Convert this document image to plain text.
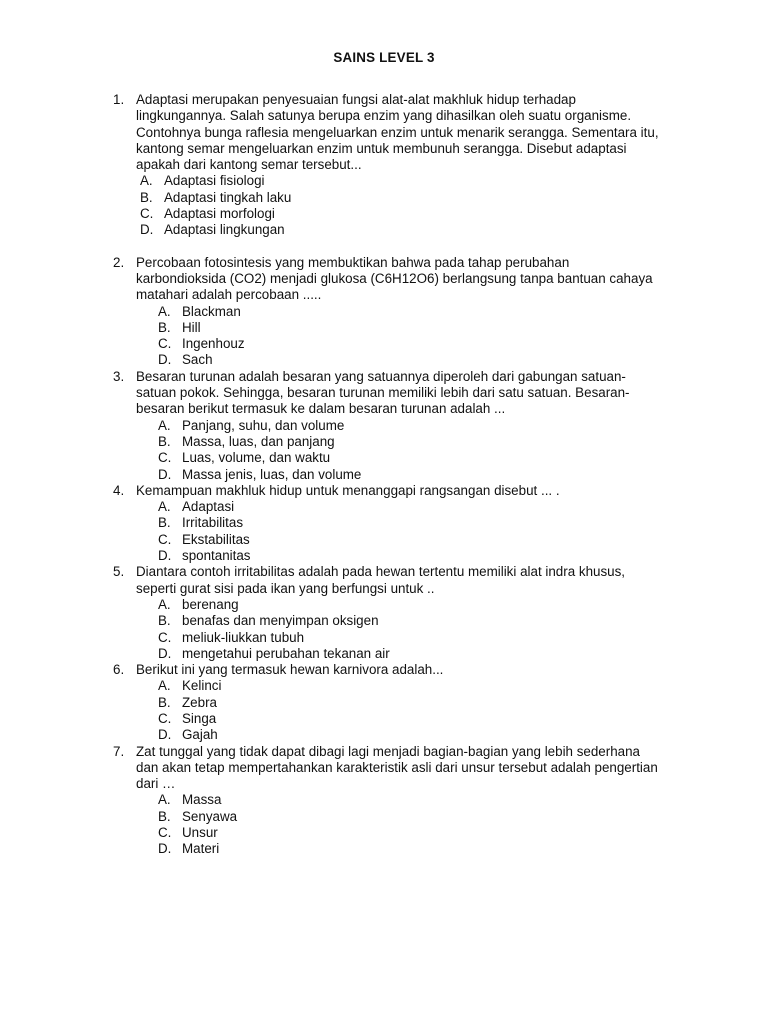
SAINS LEVEL 3
1. Adaptasi merupakan penyesuaian fungsi alat-alat makhluk hidup terhadap
lingkungannya. Salah satunya berupa enzim yang dihasilkan oleh suatu organisme.
Contohnya bunga raflesia mengeluarkan enzim untuk menarik serangga. Sementara itu,
kantong semar mengeluarkan enzim untuk membunuh serangga. Disebut adaptasi
apakah dari kantong semar tersebut...
A. Adaptasi fisiologi
B. Adaptasi tingkah laku
C. Adaptasi morfologi
D. Adaptasi lingkungan
2. Percobaan fotosintesis yang membuktikan bahwa pada tahap perubahan
karbondioksida (CO2) menjadi glukosa (C6H12O6) berlangsung tanpa bantuan cahaya
matahari adalah percobaan .....
A. Blackman
B. Hill
C. Ingenhouz
D. Sach
3. Besaran turunan adalah besaran yang satuannya diperoleh dari gabungan satuan-
satuan pokok. Sehingga, besaran turunan memiliki lebih dari satu satuan. Besaran-
besaran berikut termasuk ke dalam besaran turunan adalah ...
A. Panjang, suhu, dan volume
B. Massa, luas, dan panjang
C. Luas, volume, dan waktu
D. Massa jenis, luas, dan volume
4. Kemampuan makhluk hidup untuk menanggapi rangsangan disebut ... .
A. Adaptasi
B. Irritabilitas
C. Ekstabilitas
D. spontanitas
5. Diantara contoh irritabilitas adalah pada hewan tertentu memiliki alat indra khusus,
seperti gurat sisi pada ikan yang berfungsi untuk ..
A. berenang
B. benafas dan menyimpan oksigen
C. meliuk-liukkan tubuh
D. mengetahui perubahan tekanan air
6. Berikut ini yang termasuk hewan karnivora adalah...
A. Kelinci
B. Zebra
C. Singa
D. Gajah
7. Zat tunggal yang tidak dapat dibagi lagi menjadi bagian-bagian yang lebih sederhana
dan akan tetap mempertahankan karakteristik asli dari unsur tersebut adalah pengertian
dari …
A. Massa
B. Senyawa
C. Unsur
D. Materi
